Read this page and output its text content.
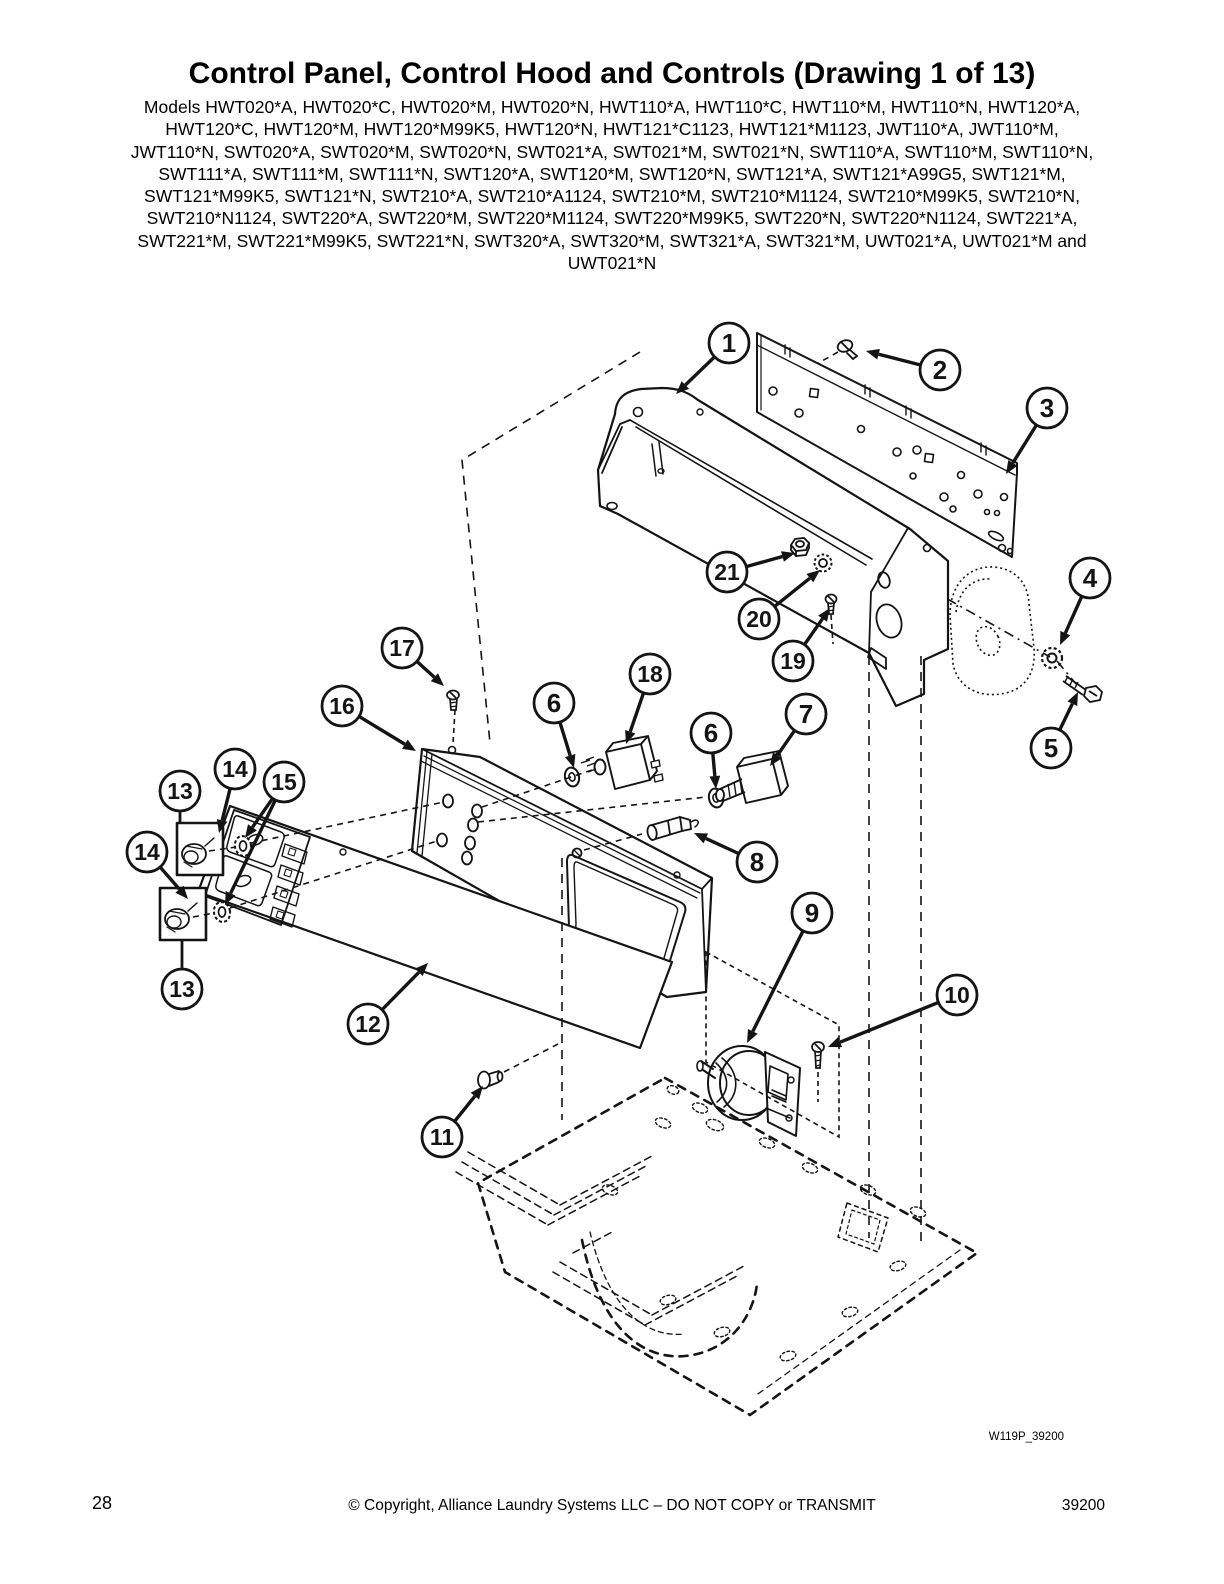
Control Panel, Control Hood and Controls (Drawing 1 of 13)
Models HWT020*A, HWT020*C, HWT020*M, HWT020*N, HWT110*A, HWT110*C, HWT110*M, HWT110*N, HWT120*A,
HWT120*C, HWT120*M, HWT120*M99K5, HWT120*N, HWT121*C1123, HWT121*M1123, JWT110*A, JWT110*M,
JWT110*N, SWT020*A, SWT020*M, SWT020*N, SWT021*A, SWT021*M, SWT021*N, SWT110*A, SWT110*M, SWT110*N,
SWT111*A, SWT111*M, SWT111*N, SWT120*A, SWT120*M, SWT120*N, SWT121*A, SWT121*A99G5, SWT121*M,
SWT121*M99K5, SWT121*N, SWT210*A, SWT210*A1124, SWT210*M, SWT210*M1124, SWT210*M99K5, SWT210*N,
SWT210*N1124, SWT220*A, SWT220*M, SWT220*M1124, SWT220*M99K5, SWT220*N, SWT220*N1124, SWT221*A,
SWT221*M, SWT221*M99K5, SWT221*N, SWT320*A, SWT320*M, SWT321*A, SWT321*M, UWT021*A, UWT021*M and
UWT021*N
1
2
3
4
5
6
18
6
7
8
9
10
11
12
13
14 15
14
13
16
17	19
20
21
W119P_39200
28	© Copyright, Alliance Laundry Systems LLC – DO NOT COPY or TRANSMIT	39200
